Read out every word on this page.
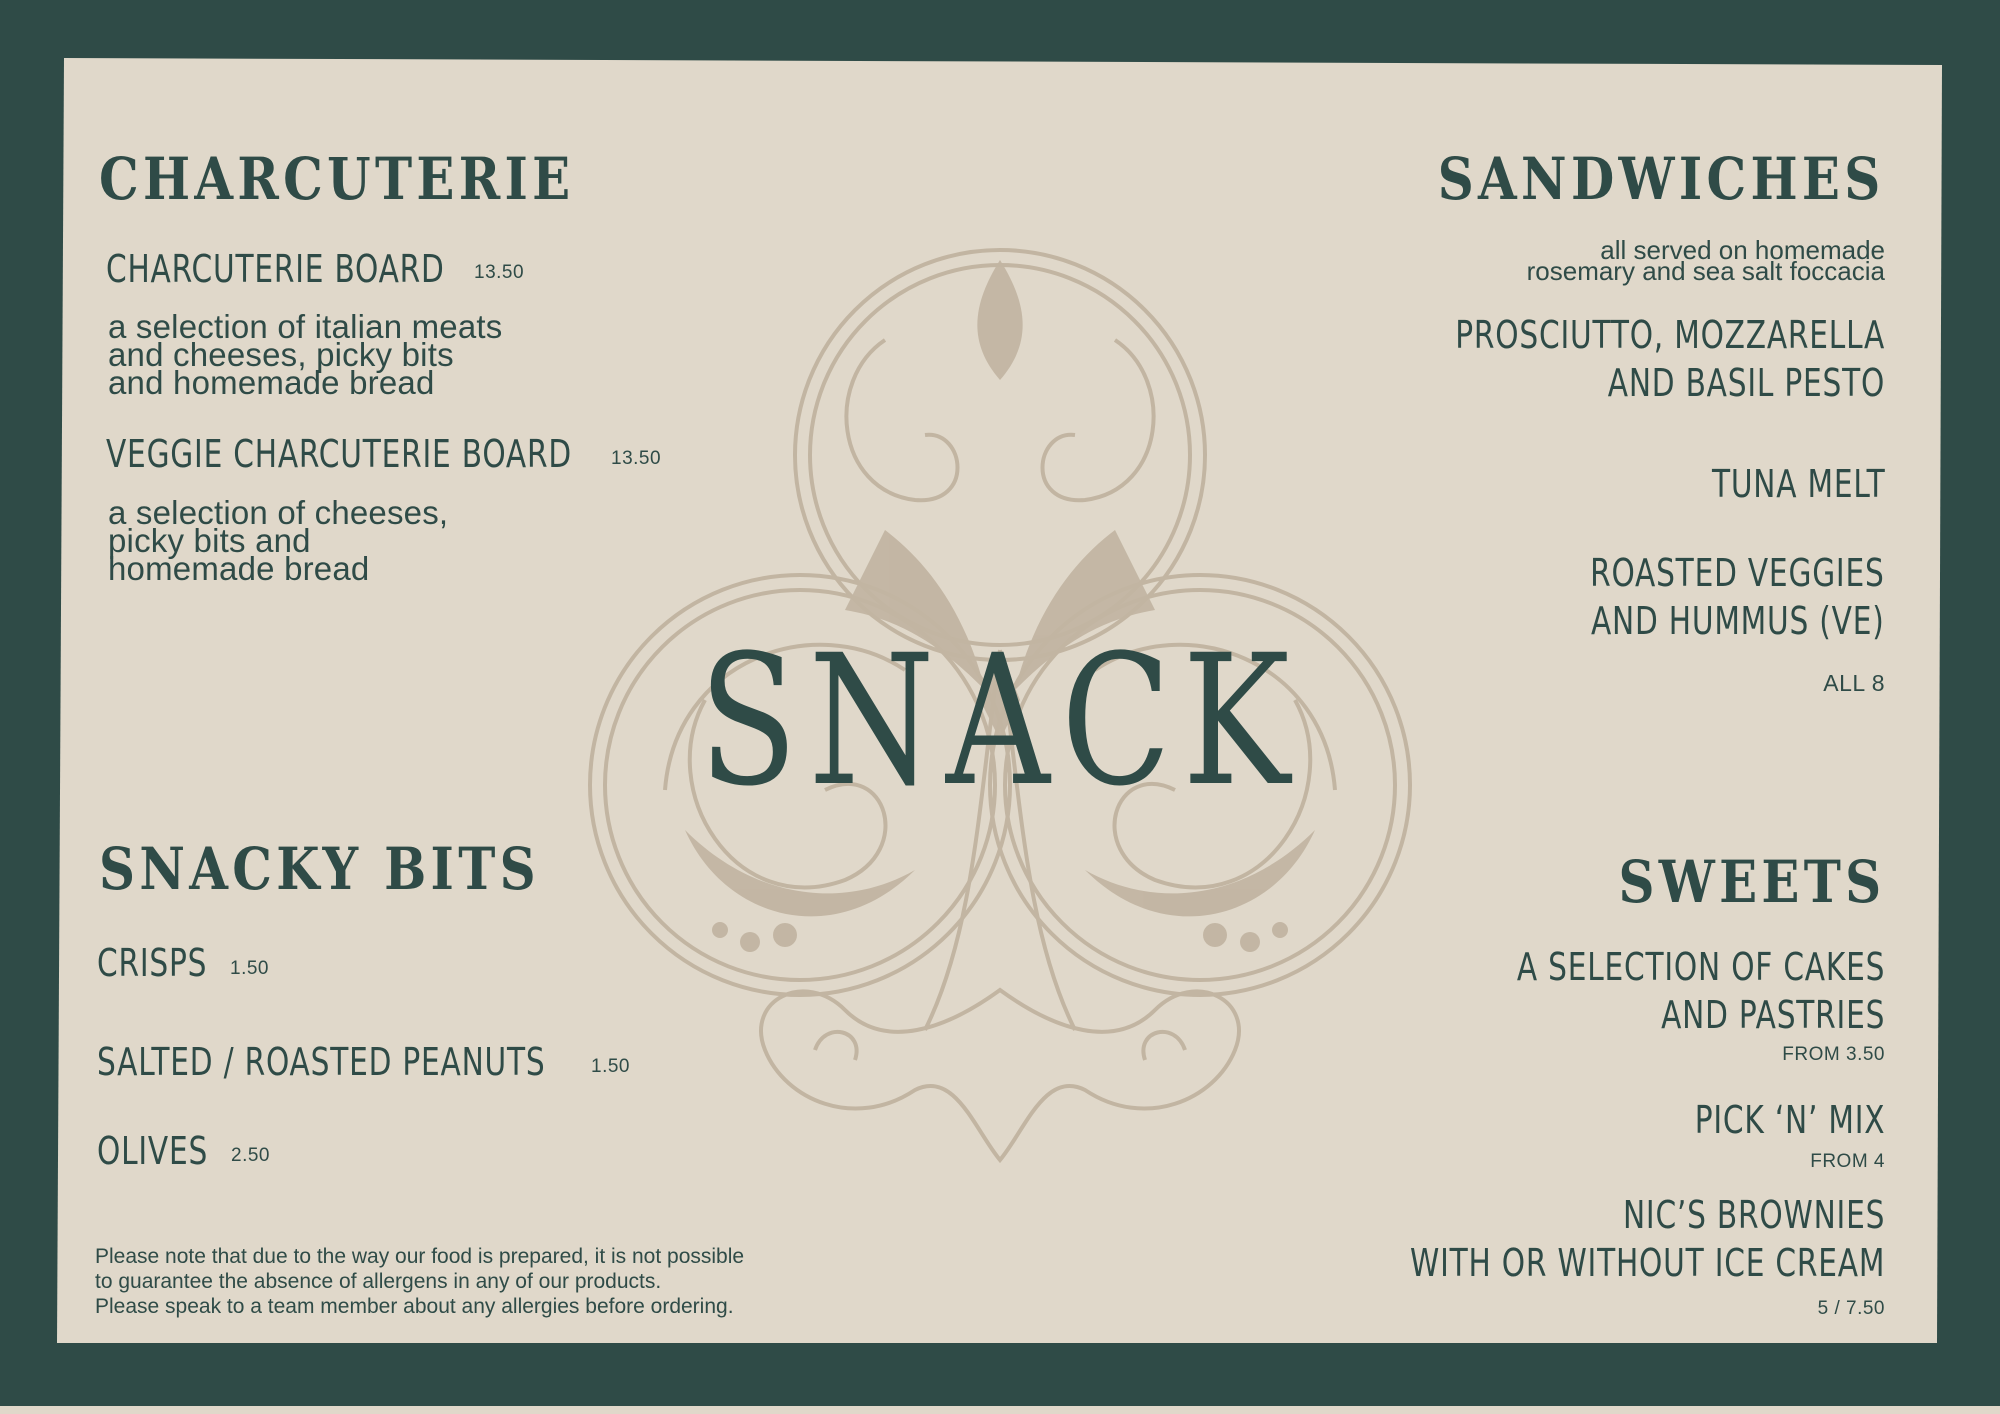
SNACK
CHARCUTERIE
CHARCUTERIE BOARD 13.50
a selection of italian meats
and cheeses, picky bits
and homemade bread
VEGGIE CHARCUTERIE BOARD 13.50
a selection of cheeses,
picky bits and
homemade bread
SNACKY BITS
CRISPS 1.50
SALTED / ROASTED PEANUTS 1.50
OLIVES 2.50
Please note that due to the way our food is prepared, it is not possible
to guarantee the absence of allergens in any of our products.
Please speak to a team member about any allergies before ordering.
SANDWICHES
all served on homemade
rosemary and sea salt foccacia
PROSCIUTTO, MOZZARELLA
AND BASIL PESTO
TUNA MELT
ROASTED VEGGIES
AND HUMMUS (VE)
ALL 8
SWEETS
A SELECTION OF CAKES
AND PASTRIES
FROM 3.50
PICK ‘N’ MIX
FROM 4
NIC’S BROWNIES
WITH OR WITHOUT ICE CREAM
5 / 7.50
